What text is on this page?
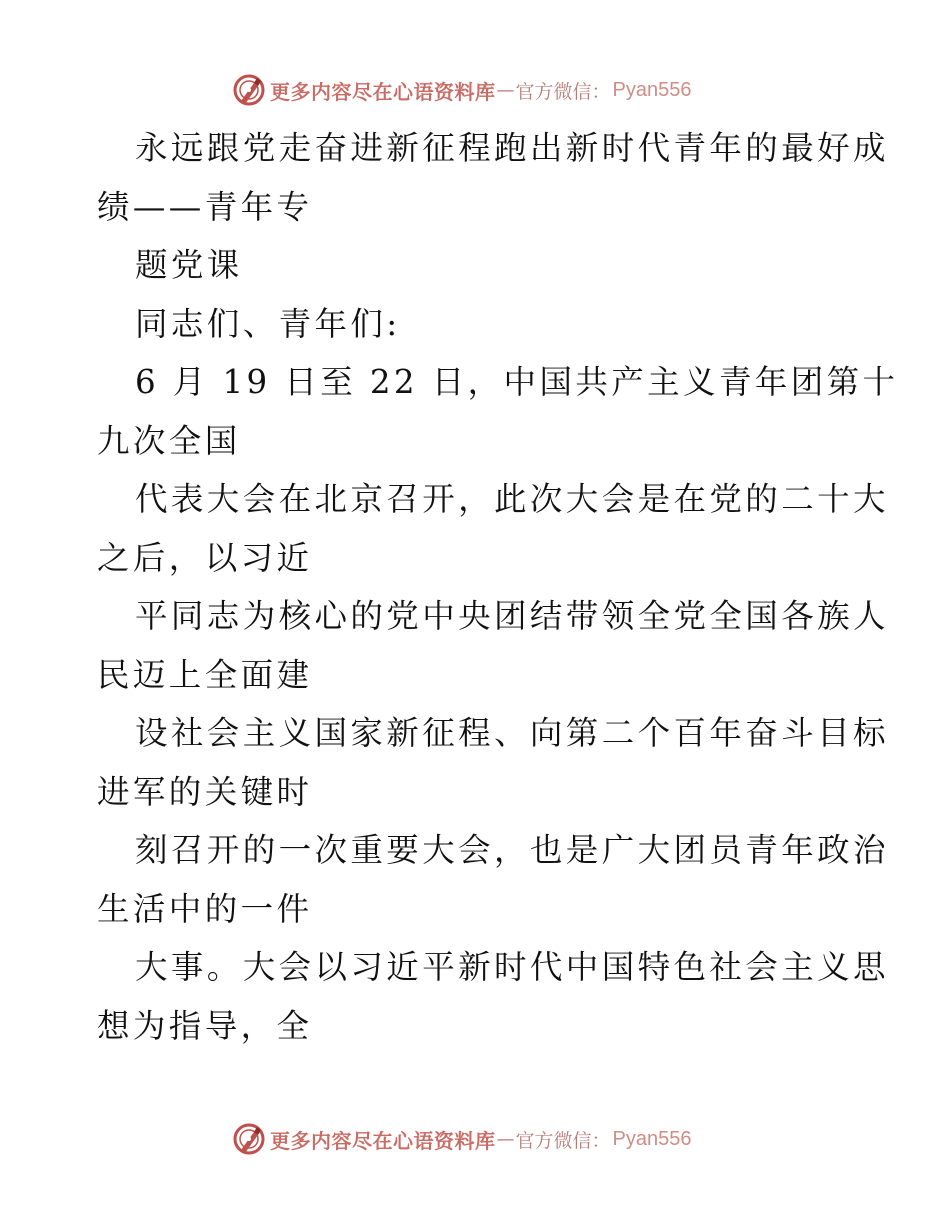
更多内容尽在心语资料库 — 官方微信： Pyan556
永远跟党走奋进新征程跑出新时代青年的最好成
绩——青年专
题党课
同志们、青年们:
6 月 19 日至 22 日，中国共产主义青年团第十
九次全国
代表大会在北京召开，此次大会是在党的二十大
之后，以习近
平同志为核心的党中央团结带领全党全国各族人
民迈上全面建
设社会主义国家新征程、向第二个百年奋斗目标
进军的关键时
刻召开的一次重要大会，也是广大团员青年政治
生活中的一件
大事。大会以习近平新时代中国特色社会主义思
想为指导，全
更多内容尽在心语资料库 — 官方微信： Pyan556
